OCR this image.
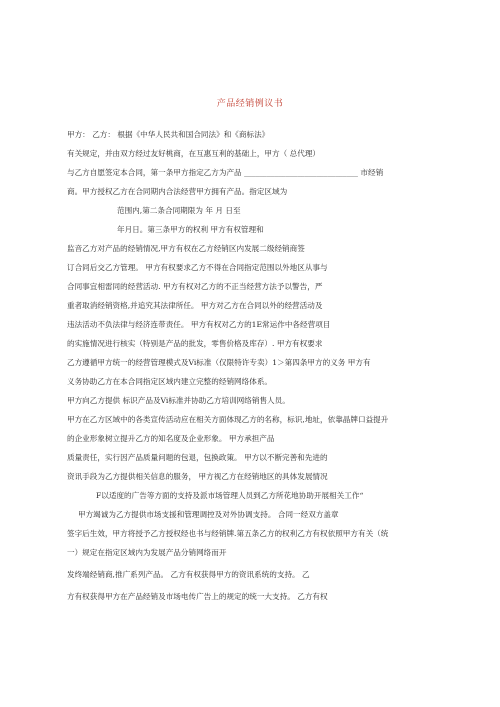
产品经销例议书
甲方： 乙方： 根据《中华人民共和国合同法》和《商标法》
有关规定，并由双方经过友好桃商，在互惠互利的基础上，甲方（ 总代理）
与乙方自愿签定本合同，第一条甲方指定乙方为产品 ______________________________ 市经销
商。甲方授权乙方在合同期内合法经营甲方拥有产品。指定区域为
范围内,第二条合同期限为 年 月 日至
年月日。第三条甲方的权利 甲方有权管理和
监音乙方对产品的经销情况,甲方有权在乙方经销区内发展二级经销商签
订合同后交乙方管理。 甲方有权要求乙方不得在合同指定范围以外地区从事与
合同事宜相雷同的经营活动. 甲方有权对乙方的不正当经营方法予以警告，严
重者取消经销资格,并追究其法律所任。 甲方对乙方在合同以外的经营活动及
违法活动不负法律与经济连带责任。 甲方有权对乙方的1E常运作中各经营项目
的实施情况进行核实（特别是产品的批发，零售价格及库存）. 甲方有权要求
乙方遵循甲方统一的经营管理模式及Vi标准（仅限特许专卖）1＞第四条甲方的义务 甲方有
义务协助乙方在本合同指定区域内建立完整的经销网络体系。
甲方向乙方提供 标识产品及Vi标准并协助乙方培训网络销售人员。
甲方在乙方区域中的各类宣传活动应在相关方面体现乙方的名称，标识,地址，依靠晶牌口益提升
的企业形象树立提升乙方的知名度及企业形象。 甲方承担产品
质量责任，实行因产品质量问题的包退，包换政策。 甲方以不断完善和先进的
资讯手段为乙方提供相关信息的服务， 甲方视乙方在经销地区的具体发展情况
F以适度的广告等方面的支持及派市场管理人员到乙方所花地协助开展相关工作“
甲方竭诚为乙方提供市场支援和管理调控及对外协调支持。 合同一经双方盖章
签字后生效，甲方将授予乙方授权经也书与经销牌.第五条乙方的权利乙方有权依照甲方有关（统
一）规定在指定区域内为发展产品分销网络而开
发终端经销商,推广系列产品。 乙方有权获得甲方的资讯系统的支持。 乙
方有权获得甲方在产品经销及市场电传广告上的规定的统一大支持。 乙方有权
